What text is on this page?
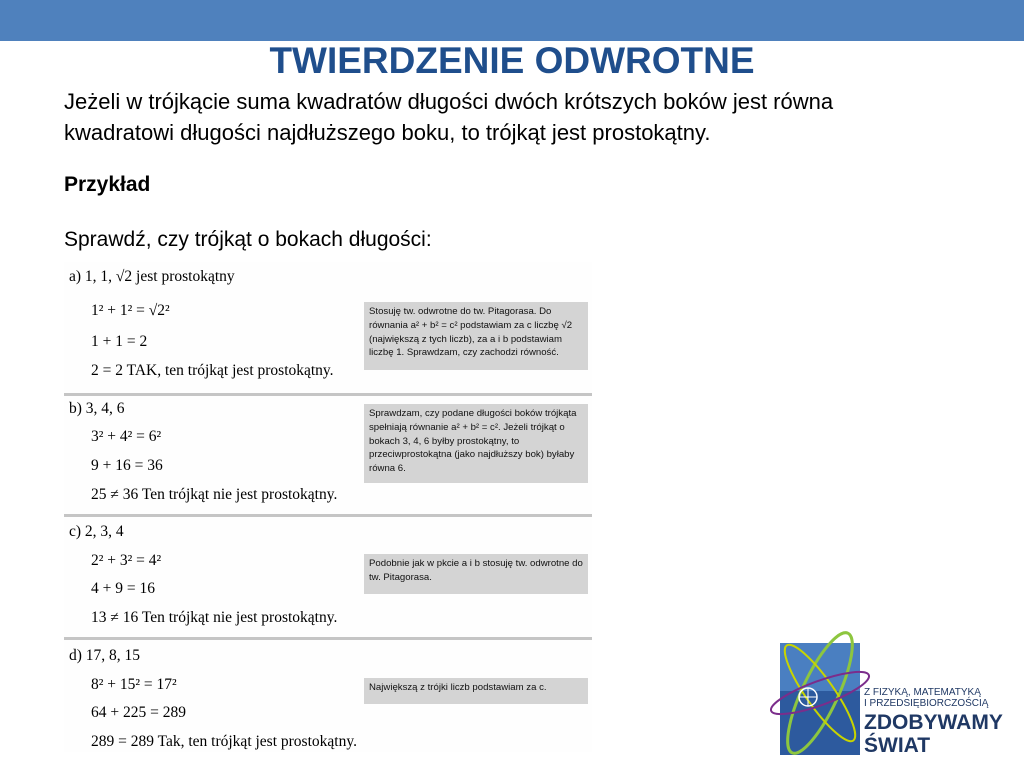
TWIERDZENIE ODWROTNE
Jeżeli w trójkącie suma kwadratów długości dwóch krótszych boków jest równa
kwadratowi długości najdłuższego boku, to trójkąt jest prostokątny.
Przykład
Sprawdź, czy trójkąt o bokach długości:
a) 1, 1, √2 jest prostokątny
1² + 1² = √2²
1 + 1 = 2
2 = 2 TAK, ten trójkąt jest prostokątny.
Stosuję tw. odwrotne do tw. Pitagorasa. Do równania a² + b² = c² podstawiam za c liczbę √2 (największą z tych liczb), za a i b podstawiam liczbę 1. Sprawdzam, czy zachodzi równość.
b) 3, 4, 6
3² + 4² = 6²
9 + 16 = 36
25 ≠ 36 Ten trójkąt nie jest prostokątny.
Sprawdzam, czy podane długości boków trójkąta spełniają równanie a² + b² = c². Jeżeli trójkąt o bokach 3, 4, 6 byłby prostokątny, to przeciwprostokątna (jako najdłuższy bok) byłaby równa 6.
c) 2, 3, 4
2² + 3² = 4²
4 + 9 = 16
13 ≠ 16 Ten trójkąt nie jest prostokątny.
Podobnie jak w pkcie a i b stosuję tw. odwrotne do tw. Pitagorasa.
d) 17, 8, 15
8² + 15² = 17²
64 + 225 = 289
289 = 289 Tak, ten trójkąt jest prostokątny.
Największą z trójki liczb podstawiam za c.	Z FIZYKĄ, MATEMATYKĄ
I PRZEDSIĘBIORCZOŚCIĄ
ZDOBYWAMY
ŚWIAT
